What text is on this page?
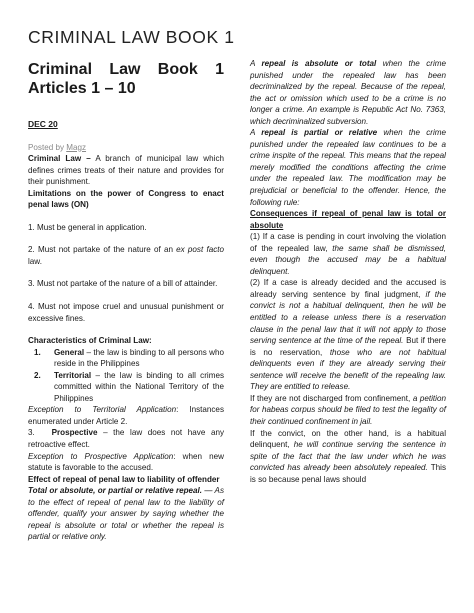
CRIMINAL LAW BOOK 1
Criminal Law Book 1
Articles 1 – 10
DEC 20
Posted by Magz

Criminal Law – A branch of municipal law which defines crimes treats of their nature and provides for their punishment.

Limitations on the power of Congress to enact penal laws (ON)

1. Must be general in application.

2. Must not partake of the nature of an ex post facto law.

3. Must not partake of the nature of a bill of attainder.

4. Must not impose cruel and unusual punishment or excessive fines.

Characteristics of Criminal Law:

1.	General – the law is binding to all persons who reside in the Philippines
2.	Territorial – the law is binding to all crimes committed within the National Territory of the Philippines

Exception to Territorial Application: Instances enumerated under Article 2.

3. Prospective – the law does not have any retroactive effect.

Exception to Prospective Application: when new statute is favorable to the accused.

Effect of repeal of penal law to liability of offender

Total or absolute, or partial or relative repeal. — As to the effect of repeal of penal law to the liability of offender, qualify your answer by saying whether the repeal is absolute or total or whether the repeal is partial or relative only.

A repeal is absolute or total when the crime punished under the repealed law has been decriminalized by the repeal. Because of the repeal, the act or omission which used to be a crime is no longer a crime. An example is Republic Act No. 7363, which decriminalized subversion.

A repeal is partial or relative when the crime punished under the repealed law continues to be a crime inspite of the repeal. This means that the repeal merely modified the conditions affecting the crime under the repealed law. The modification may be prejudicial or beneficial to the offender. Hence, the following rule:

Consequences if repeal of penal law is total or absolute

(1) If a case is pending in court involving the violation of the repealed law, the same shall be dismissed, even though the accused may be a habitual delinquent.

(2) If a case is already decided and the accused is already serving sentence by final judgment, if the convict is not a habitual delinquent, then he will be entitled to a release unless there is a reservation clause in the penal law that it will not apply to those serving sentence at the time of the repeal. But if there is no reservation, those who are not habitual delinquents even if they are already serving their sentence will receive the benefit of the repealing law. They are entitled to release.

If they are not discharged from confinement, a petition for habeas corpus should be filed to test the legality of their continued confinement in jail.

If the convict, on the other hand, is a habitual delinquent, he will continue serving the sentence in spite of the fact that the law under which he was convicted has already been absolutely repealed. This is so because penal laws should
